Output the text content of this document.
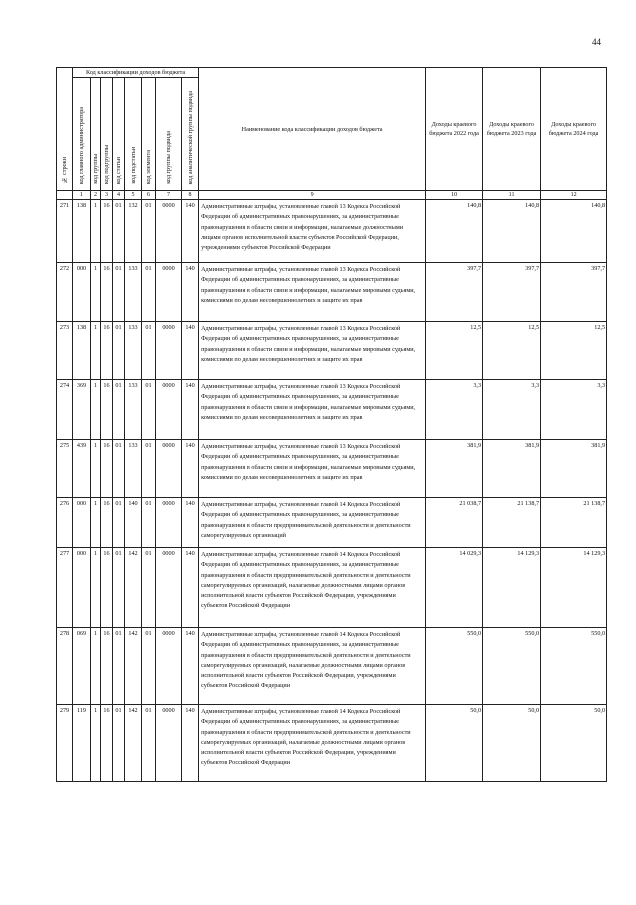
44
№ строки	Код классификации доходов бюджета								Наименование кода классификации доходов бюджета	Доходы краевого бюджета 2022 года	Доходы краевого бюджета 2023 года	Доходы краевого бюджета 2024 года
	код главного администратора	код группы	код подгруппы	код статьи	код подстатьи	код элемента	код группы подвида	код аналитической группы подвида				
	1	2	3	4	5	6	7	8	9	10	11	12
271	138	1	16	01	132	01	0000	140	Административные штрафы, установленные главой 13 Кодекса Российской Федерации об административных правонарушениях, за административные правонарушения в области связи и информации, налагаемые должностными лицами органов исполнительной власти субъектов Российской Федерации, учреждениями субъектов Российской Федерации	140,8	140,8	140,8
272	000	1	16	01	133	01	0000	140	Административные штрафы, установленные главой 13 Кодекса Российской Федерации об административных правонарушениях, за административные правонарушения в области связи и информации, налагаемые мировыми судьями, комиссиями по делам несовершеннолетних и защите их прав	397,7	397,7	397,7
273	138	1	16	01	133	01	0000	140	Административные штрафы, установленные главой 13 Кодекса Российской Федерации об административных правонарушениях, за административные правонарушения в области связи и информации, налагаемые мировыми судьями, комиссиями по делам несовершеннолетних и защите их прав	12,5	12,5	12,5
274	369	1	16	01	133	01	0000	140	Административные штрафы, установленные главой 13 Кодекса Российской Федерации об административных правонарушениях, за административные правонарушения в области связи и информации, налагаемые мировыми судьями, комиссиями по делам несовершеннолетних и защите их прав	3,3	3,3	3,3
275	439	1	16	01	133	01	0000	140	Административные штрафы, установленные главой 13 Кодекса Российской Федерации об административных правонарушениях, за административные правонарушения в области связи и информации, налагаемые мировыми судьями, комиссиями по делам несовершеннолетних и защите их прав	381,9	381,9	381,9
276	000	1	16	01	140	01	0000	140	Административные штрафы, установленные главой 14 Кодекса Российской Федерации об административных правонарушениях, за административные правонарушения в области предпринимательской деятельности и деятельности саморегулируемых организаций	21 038,7	21 138,7	21 138,7
277	000	1	16	01	142	01	0000	140	Административные штрафы, установленные главой 14 Кодекса Российской Федерации об административных правонарушениях, за административные правонарушения в области предпринимательской деятельности и деятельности саморегулируемых организаций, налагаемые должностными лицами органов исполнительной власти субъектов Российской Федерации, учреждениями субъектов Российской Федерации	14 029,3	14 129,3	14 129,3
278	069	1	16	01	142	01	0000	140	Административные штрафы, установленные главой 14 Кодекса Российской Федерации об административных правонарушениях, за административные правонарушения в области предпринимательской деятельности и деятельности саморегулируемых организаций, налагаемые должностными лицами органов исполнительной власти субъектов Российской Федерации, учреждениями субъектов Российской Федерации	550,0	550,0	550,0
279	119	1	16	01	142	01	0000	140	Административные штрафы, установленные главой 14 Кодекса Российской Федерации об административных правонарушениях, за административные правонарушения в области предпринимательской деятельности и деятельности саморегулируемых организаций, налагаемые должностными лицами органов исполнительной власти субъектов Российской Федерации, учреждениями субъектов Российской Федерации	50,0	50,0	50,0
